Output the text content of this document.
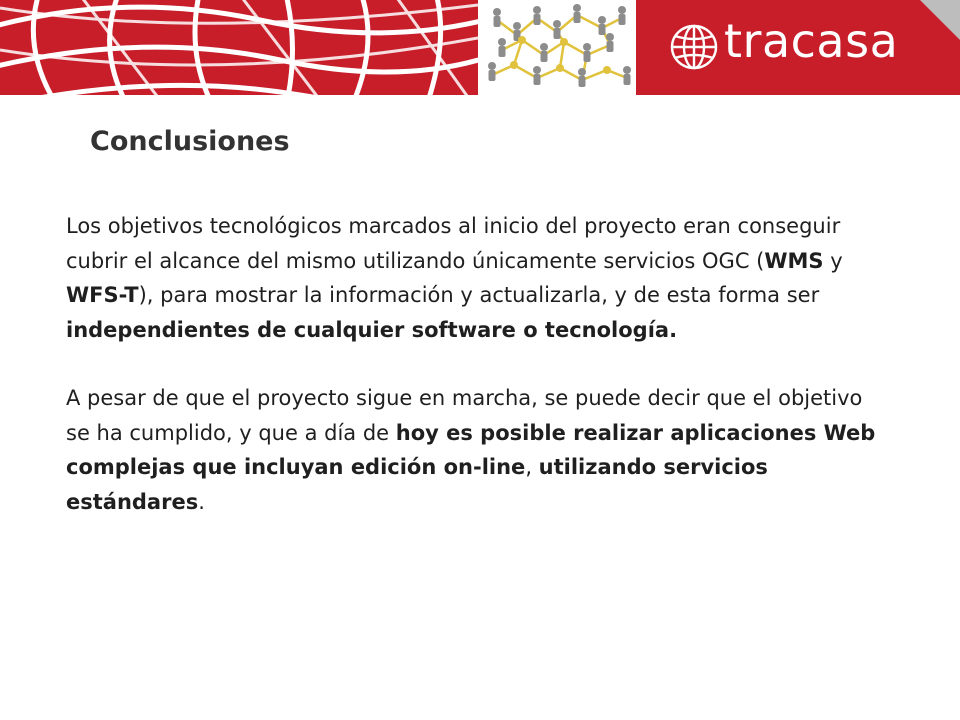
tracasa
Conclusiones

Los objetivos tecnológicos marcados al inicio del proyecto eran conseguir cubrir el alcance del mismo utilizando únicamente servicios OGC (WMS y WFS-T), para mostrar la información y actualizarla, y de esta forma ser independientes de cualquier software o tecnología.

A pesar de que el proyecto sigue en marcha, se puede decir que el objetivo se ha cumplido, y que a día de hoy es posible realizar aplicaciones Web complejas que incluyan edición on-line, utilizando servicios estándares.
